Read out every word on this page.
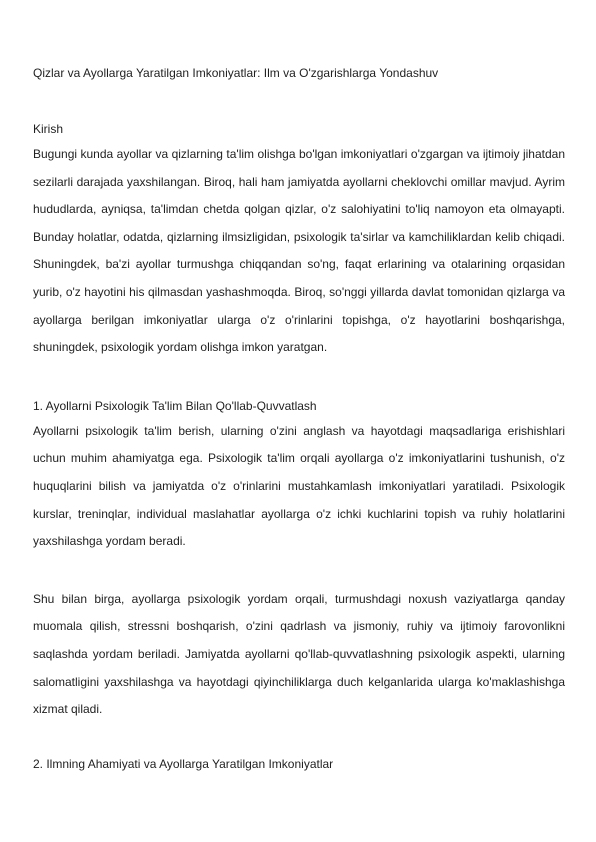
Qizlar va Ayollarga Yaratilgan Imkoniyatlar: Ilm va O'zgarishlarga Yondashuv
Kirish

Bugungi kunda ayollar va qizlarning ta'lim olishga bo'lgan imkoniyatlari o'zgargan va ijtimoiy jihatdan sezilarli darajada yaxshilangan. Biroq, hali ham jamiyatda ayollarni cheklovchi omillar mavjud. Ayrim hududlarda, ayniqsa, ta'limdan chetda qolgan qizlar, o'z salohiyatini to'liq namoyon eta olmayapti. Bunday holatlar, odatda, qizlarning ilmsizligidan, psixologik ta'sirlar va kamchiliklardan kelib chiqadi. Shuningdek, ba'zi ayollar turmushga chiqqandan so'ng, faqat erlarining va otalarining orqasidan yurib, o'z hayotini his qilmasdan yashashmoqda. Biroq, so'nggi yillarda davlat tomonidan qizlarga va ayollarga berilgan imkoniyatlar ularga o'z o'rinlarini topishga, o'z hayotlarini boshqarishga, shuningdek, psixologik yordam olishga imkon yaratgan.

1. Ayollarni Psixologik Ta'lim Bilan Qo'llab-Quvvatlash

Ayollarni psixologik ta'lim berish, ularning o'zini anglash va hayotdagi maqsadlariga erishishlari uchun muhim ahamiyatga ega. Psixologik ta'lim orqali ayollarga o'z imkoniyatlarini tushunish, o'z huquqlarini bilish va jamiyatda o'z o'rinlarini mustahkamlash imkoniyatlari yaratiladi. Psixologik kurslar, treninqlar, individual maslahatlar ayollarga o'z ichki kuchlarini topish va ruhiy holatlarini yaxshilashga yordam beradi.

Shu bilan birga, ayollarga psixologik yordam orqali, turmushdagi noxush vaziyatlarga qanday muomala qilish, stressni boshqarish, o'zini qadrlash va jismoniy, ruhiy va ijtimoiy farovonlikni saqlashda yordam beriladi. Jamiyatda ayollarni qo'llab-quvvatlashning psixologik aspekti, ularning salomatligini yaxshilashga va hayotdagi qiyinchiliklarga duch kelganlarida ularga ko'maklashishga xizmat qiladi.

2. Ilmning Ahamiyati va Ayollarga Yaratilgan Imkoniyatlar
